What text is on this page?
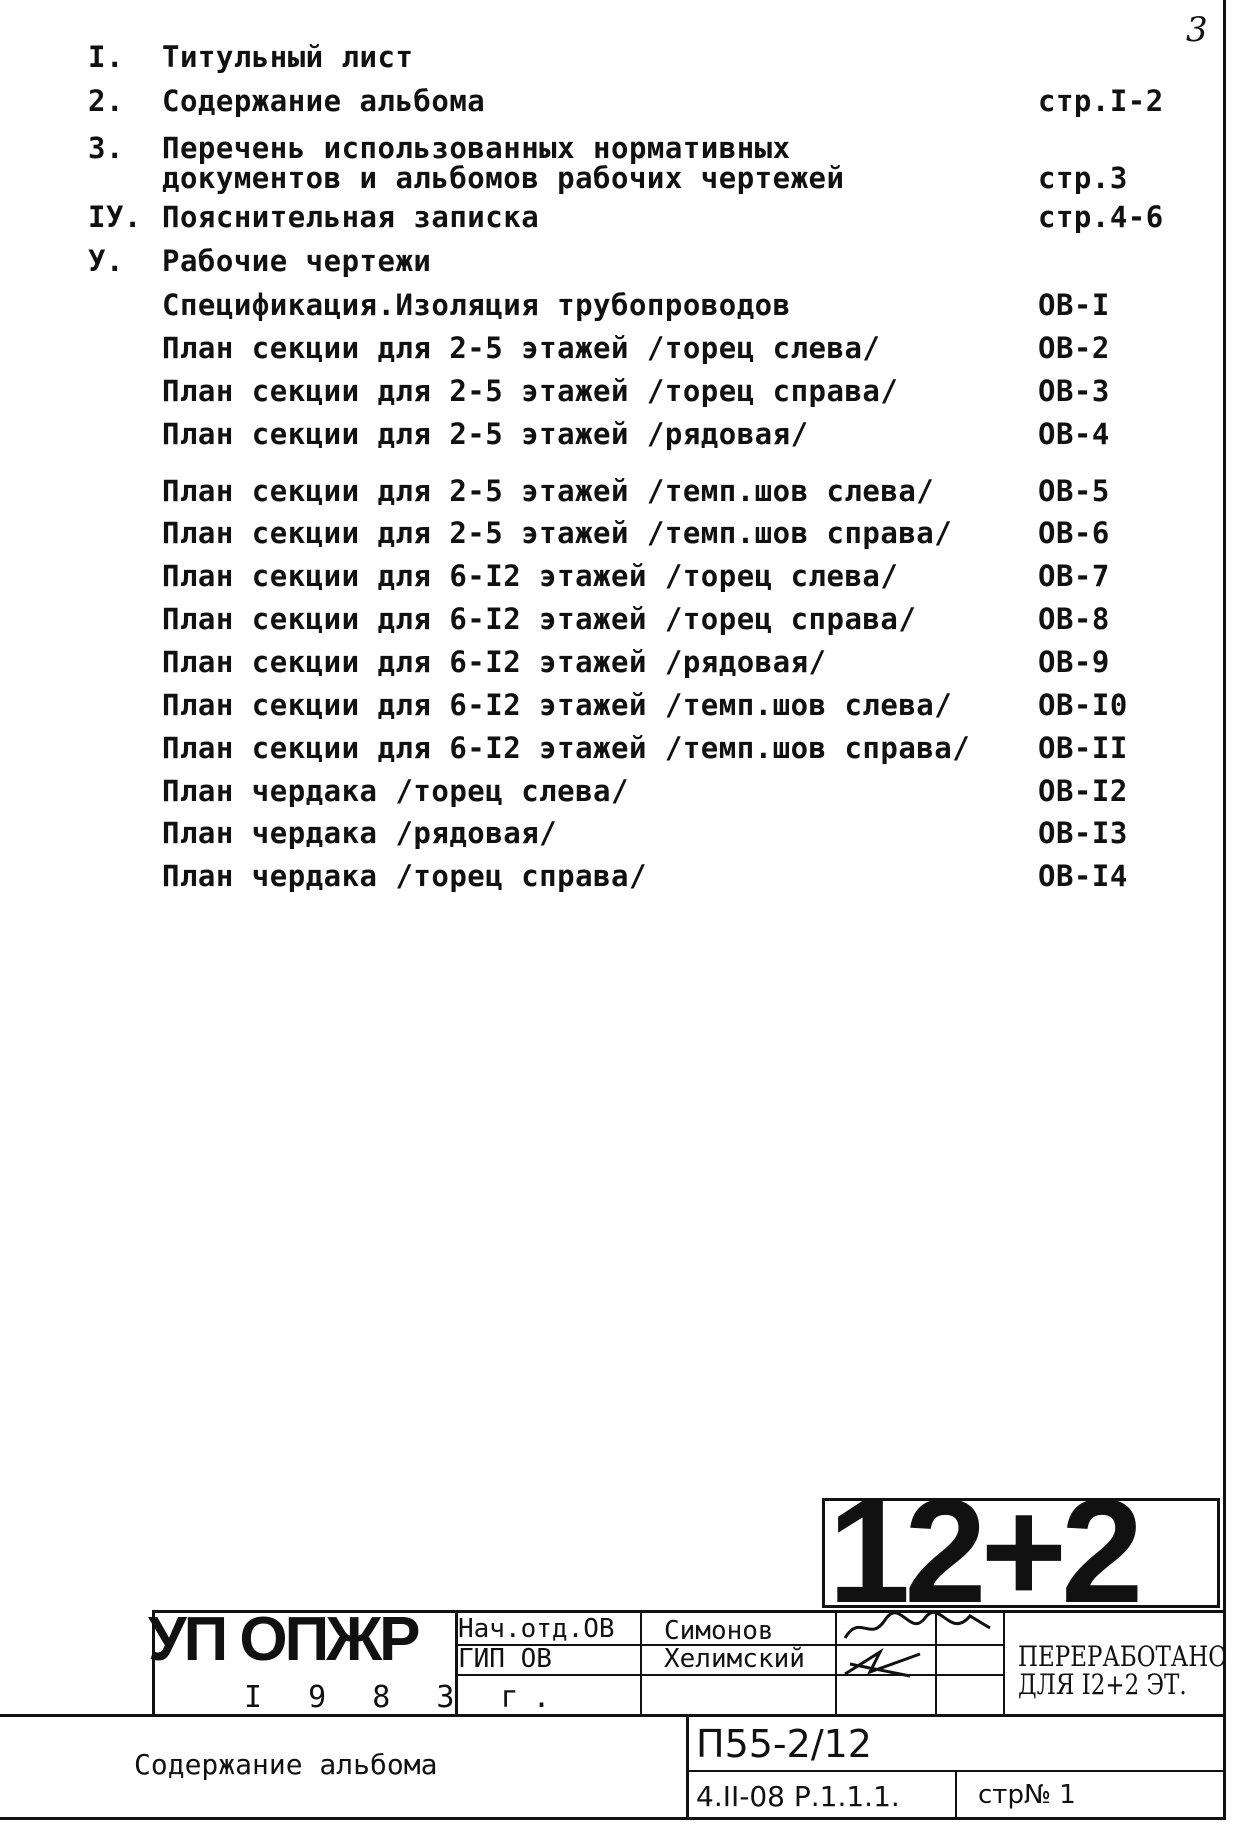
3
I. Титульный лист
2. Содержание альбома	стр.I-2
3. Перечень использованных нормативных
документов и альбомов рабочих чертежей	стр.3
IУ. Пояснительная записка	стр.4-6
У. Рабочие чертежи
Спецификация.Изоляция трубопроводов	ОВ-I
План секции для 2-5 этажей /торец слева/	ОВ-2
План секции для 2-5 этажей /торец справа/	ОВ-3
План секции для 2-5 этажей /рядовая/	ОВ-4
План секции для 2-5 этажей /темп.шов слева/	ОВ-5
План секции для 2-5 этажей /темп.шов справа/	ОВ-6
План секции для 6-I2 этажей /торец слева/	ОВ-7
План секции для 6-I2 этажей /торец справа/	ОВ-8
План секции для 6-I2 этажей /рядовая/	ОВ-9
План секции для 6-I2 этажей /темп.шов слева/	ОВ-I0
План секции для 6-I2 этажей /темп.шов справа/ ОВ-II
План чердака /торец слева/	ОВ-I2
План чердака /рядовая/	ОВ-I3
План чердака /торец справа/	ОВ-I4
12+2
УП ОПЖР
I 9 8 3 г.
Нач.отд.ОВ
ГИП ОВ
Симонов
Хелимский	ПЕРЕРАБОТАНО
ДЛЯ I2+2 ЭТ.
Содержание альбома	П55-2/12
4.II-08 Р.1.1.1.	стр№ 1
